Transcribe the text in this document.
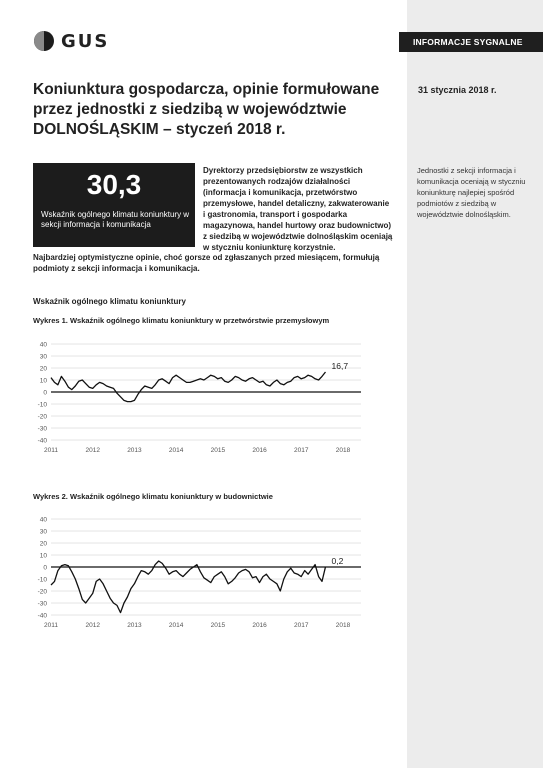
GUS	INFORMACJE SYGNALNE
Koniunktura gospodarcza, opinie formułowane
przez jednostki z siedzibą w województwie
DOLNOŚLĄSKIM – styczeń 2018 r.
31 stycznia 2018 r.
30,3
Wskaźnik ogólnego klimatu koniunktury w sekcji informacja i komunikacja
Dyrektorzy przedsiębiorstw ze wszystkich prezentowanych rodzajów działalności (informacja i komunikacja, przetwórstwo przemysłowe, handel detaliczny, zakwaterowanie i gastronomia, transport i gospodarka magazynowa, handel hurtowy oraz budownictwo) z siedzibą w województwie dolnośląskim oceniają w styczniu koniunkturę korzystnie.
Najbardziej optymistyczne opinie, choć gorsze od zgłaszanych przed miesiącem, formułują podmioty z sekcji informacja i komunikacja.
Jednostki z sekcji informacja i komunikacja oceniają w styczniu koniunkturę najlepiej spośród podmiotów z siedzibą w województwie dolnośląskim.
Wskaźnik ogólnego klimatu koniunktury
Wykres 1. Wskaźnik ogólnego klimatu koniunktury w przetwórstwie przemysłowym
40
30
20
10
0
-10
-20
-30
-40
2011	2012	2013	2014	2015	2016	2017	2018
16,7
Wykres 2. Wskaźnik ogólnego klimatu koniunktury w budownictwie
40
30
20
10
0
-10
-20
-30
-40
2011	2012	2013	2014	2015	2016	2017	2018
0,2
